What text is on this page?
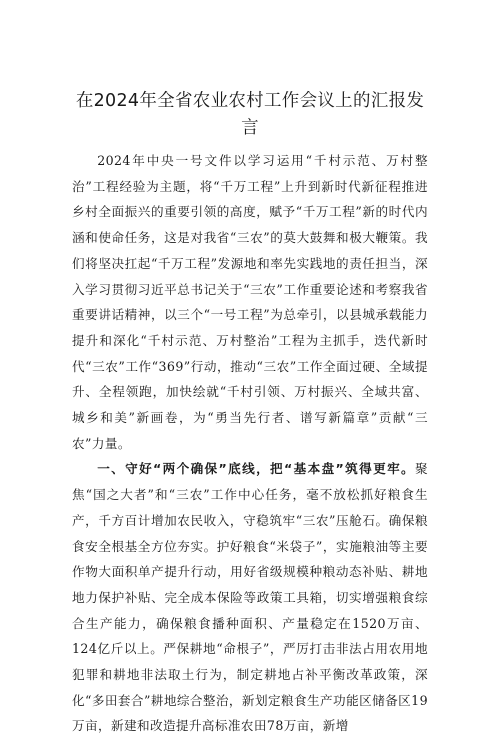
在2024年全省农业农村工作会议上的汇报发言

2024年中央一号文件以学习运用“千村示范、万村整治”工程经验为主题，将“千万工程”上升到新时代新征程推进乡村全面振兴的重要引领的高度，赋予“千万工程”新的时代内涵和使命任务，这是对我省“三农”的莫大鼓舞和极大鞭策。我们将坚决扛起“千万工程”发源地和率先实践地的责任担当，深入学习贯彻习近平总书记关于“三农”工作重要论述和考察我省重要讲话精神，以三个“一号工程”为总牵引，以县城承载能力提升和深化“千村示范、万村整治”工程为主抓手，迭代新时代“三农”工作“369”行动，推动“三农”工作全面过硬、全域提升、全程领跑，加快绘就“千村引领、万村振兴、全域共富、城乡和美”新画卷，为“勇当先行者、谱写新篇章”贡献“三农”力量。

一、守好“两个确保”底线，把“基本盘”筑得更牢。聚焦“国之大者”和“三农”工作中心任务，毫不放松抓好粮食生产，千方百计增加农民收入，守稳筑牢“三农”压舱石。确保粮食安全根基全方位夯实。护好粮食“米袋子”，实施粮油等主要作物大面积单产提升行动，用好省级规模种粮动态补贴、耕地地力保护补贴、完全成本保险等政策工具箱，切实增强粮食综合生产能力，确保粮食播种面积、产量稳定在1520万亩、124亿斤以上。严保耕地“命根子”，严厉打击非法占用农用地犯罪和耕地非法取土行为，制定耕地占补平衡改革政策，深化“多田套合”耕地综合整治，新划定粮食生产功能区储备区19万亩，新建和改造提升高标准农田78万亩，新增
